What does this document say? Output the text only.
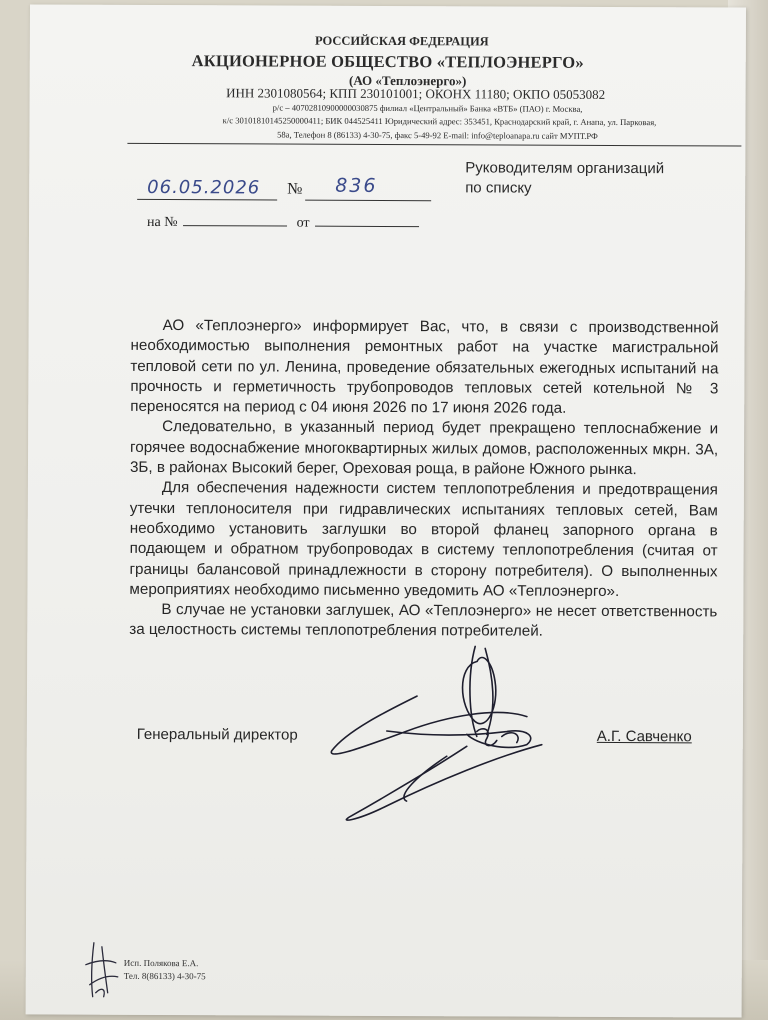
РОССИЙСКАЯ ФЕДЕРАЦИЯ
АКЦИОНЕРНОЕ ОБЩЕСТВО «ТЕПЛОЭНЕРГО»
(АО «Теплоэнерго»)
ИНН 2301080564; КПП 230101001; ОКОНХ 11180; ОКПО 05053082
р/с – 40702810900000030875 филиал «Центральный» Банка «ВТБ» (ПАО) г. Москва,
к/с 30101810145250000411; БИК 044525411 Юридический адрес: 353451, Краснодарский край, г. Анапа, ул. Парковая,
58а, Телефон 8 (86133) 4-30-75, факс 5-49-92 E-mail: info@teploanapa.ru сайт МУПТ.РФ
06.05.2026 № 836
на №	от
Руководителям организаций
по списку

АО «Теплоэнерго» информирует Вас, что, в связи с производственной необходимостью выполнения ремонтных работ на участке магистральной тепловой сети по ул. Ленина, проведение обязательных ежегодных испытаний на прочность и герметичность трубопроводов тепловых сетей котельной № 3 переносятся на период с 04 июня 2026 по 17 июня 2026 года.

Следовательно, в указанный период будет прекращено теплоснабжение и горячее водоснабжение многоквартирных жилых домов, расположенных мкрн. 3А, 3Б, в районах Высокий берег, Ореховая роща, в районе Южного рынка.

Для обеспечения надежности систем теплопотребления и предотвращения утечки теплоносителя при гидравлических испытаниях тепловых сетей, Вам необходимо установить заглушки во второй фланец запорного органа в подающем и обратном трубопроводах в систему теплопотребления (считая от границы балансовой принадлежности в сторону потребителя). О выполненных мероприятиях необходимо письменно уведомить АО «Теплоэнерго».

В случае не установки заглушек, АО «Теплоэнерго» не несет ответственность за целостность системы теплопотребления потребителей.

Генеральный директор	А.Г. Савченко
Исп. Полякова Е.А.
Тел. 8(86133) 4-30-75
